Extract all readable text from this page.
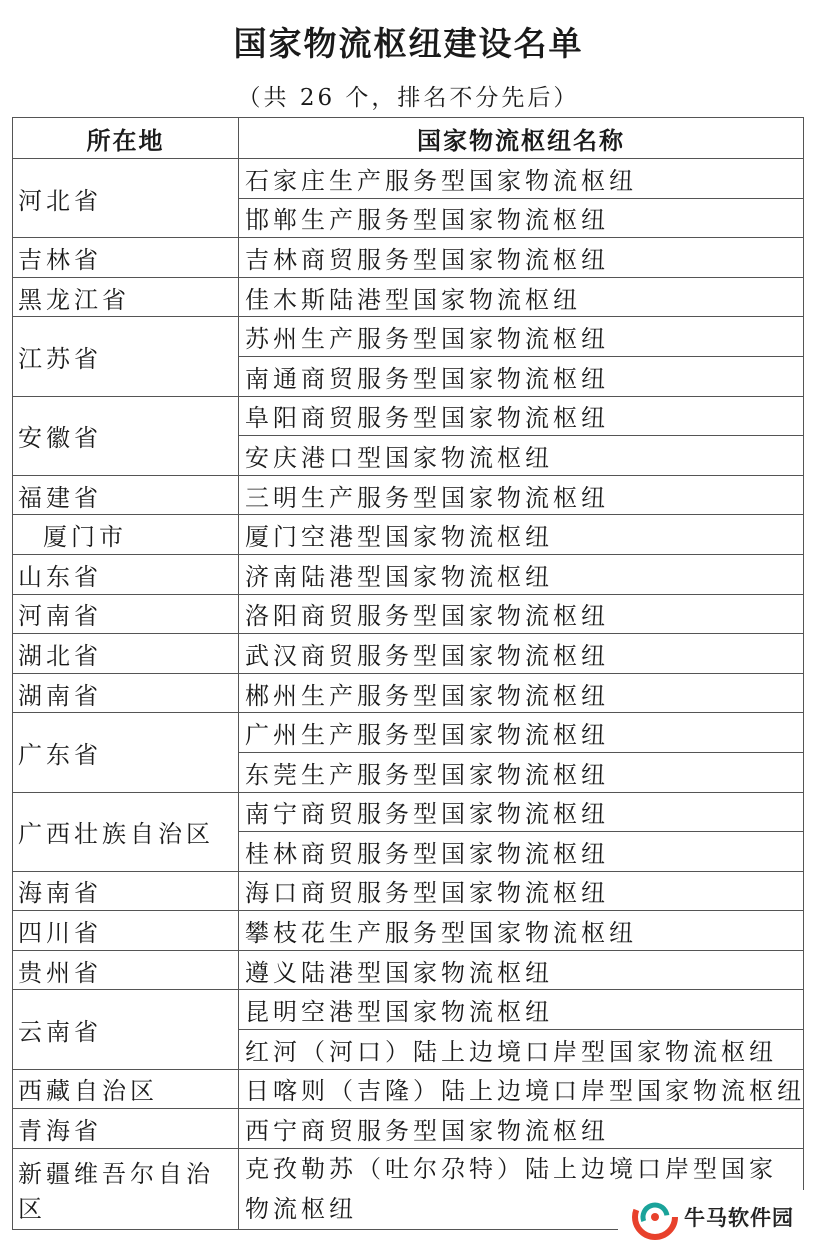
国家物流枢纽建设名单
（共 26 个，排名不分先后）
所在地	国家物流枢纽名称
河北省	石家庄生产服务型国家物流枢纽
	邯郸生产服务型国家物流枢纽
吉林省	吉林商贸服务型国家物流枢纽
黑龙江省	佳木斯陆港型国家物流枢纽
江苏省	苏州生产服务型国家物流枢纽
	南通商贸服务型国家物流枢纽
安徽省	阜阳商贸服务型国家物流枢纽
	安庆港口型国家物流枢纽
福建省	三明生产服务型国家物流枢纽
厦门市	厦门空港型国家物流枢纽
山东省	济南陆港型国家物流枢纽
河南省	洛阳商贸服务型国家物流枢纽
湖北省	武汉商贸服务型国家物流枢纽
湖南省	郴州生产服务型国家物流枢纽
广东省	广州生产服务型国家物流枢纽
	东莞生产服务型国家物流枢纽
广西壮族自治区	南宁商贸服务型国家物流枢纽
	桂林商贸服务型国家物流枢纽
海南省	海口商贸服务型国家物流枢纽
四川省	攀枝花生产服务型国家物流枢纽
贵州省	遵义陆港型国家物流枢纽
云南省	昆明空港型国家物流枢纽
	红河（河口）陆上边境口岸型国家物流枢纽
西藏自治区	日喀则（吉隆）陆上边境口岸型国家物流枢纽
青海省	西宁商贸服务型国家物流枢纽
新疆维吾尔自治区	克孜勒苏（吐尔尕特）陆上边境口岸型国家物流枢纽	牛马软件园
